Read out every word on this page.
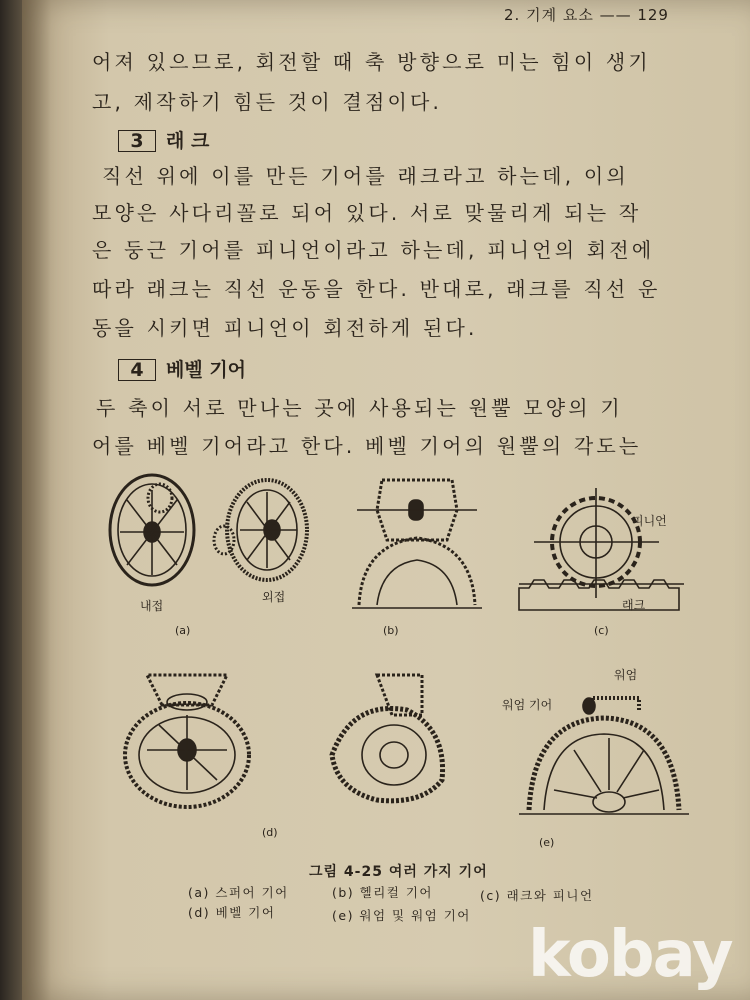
2. 기계 요소 —— 129
어져 있으므로, 회전할 때 축 방향으로 미는 힘이 생기
고, 제작하기 힘든 것이 결점이다.
3 래 크
직선 위에 이를 만든 기어를 래크라고 하는데, 이의
모양은 사다리꼴로 되어 있다. 서로 맞물리게 되는 작
은 둥근 기어를 피니언이라고 하는데, 피니언의 회전에
따라 래크는 직선 운동을 한다. 반대로, 래크를 직선 운
동을 시키면 피니언이 회전하게 된다.
4 베벨 기어
두 축이 서로 만나는 곳에 사용되는 원뿔 모양의 기
어를 베벨 기어라고 한다. 베벨 기어의 원뿔의 각도는
내접
외접
(a)	(b)
피니언
래크
(c)
(d)
워엄
워엄 기어
(e)
그림 4-25 여러 가지 기어
(a) 스퍼어 기어	(b) 헬리컬 기어	(c) 래크와 피니언
(d) 베벨 기어	(e) 워엄 및 워엄 기어
kobay
